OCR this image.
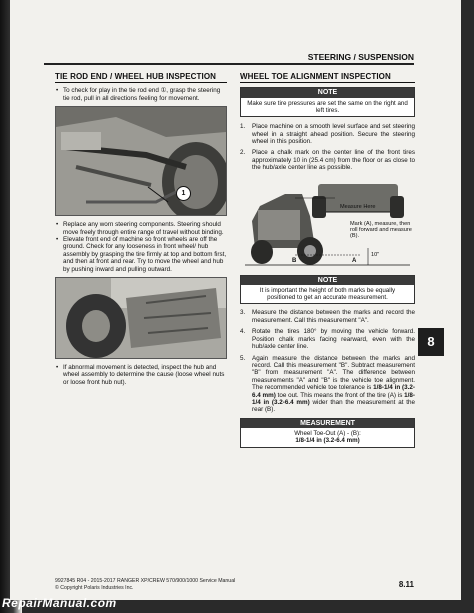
STEERING / SUSPENSION
TIE ROD END / WHEEL HUB INSPECTION

• To check for play in the tie rod end ①, grasp the steering tie rod, pull in all directions feeling for movement.

1

• Replace any worn steering components. Steering should move freely through entire range of travel without binding.

• Elevate front end of machine so front wheels are off the ground. Check for any looseness in front wheel/ hub assembly by grasping the tire firmly at top and bottom first, and then at front and rear. Try to move the wheel and hub by pushing inward and pulling outward.

• If abnormal movement is detected, inspect the hub and wheel assembly to determine the cause (loose wheel nuts or loose front hub nut).

WHEEL TOE ALIGNMENT INSPECTION
NOTE
Make sure tire pressures are set the same on the right and left tires.
1.	Place machine on a smooth level surface and set steering wheel in a straight ahead position. Secure the steering wheel in this position.
2.	Place a chalk mark on the center line of the front tires approximately 10 in (25.4 cm) from the floor or as close to the hub/axle center line as possible.
Measure Here
Mark (A), measure, then roll forward and measure (B).
B	A
10"
NOTE
It is important the height of both marks be equally positioned to get an accurate measurement.
3.	Measure the distance between the marks and record the measurement. Call this measurement "A".
4.	Rotate the tires 180° by moving the vehicle forward. Position chalk marks facing rearward, even with the hub/axle center line.
5.	Again measure the distance between the marks and record. Call this measurement "B". Subtract measurement "B" from measurement "A". The difference between measurements "A" and "B" is the vehicle toe alignment. The recommended vehicle toe tolerance is 1/8-1/4 in (3.2-6.4 mm) toe out. This means the front of the tire (A) is 1/8-1/4 in (3.2-6.4 mm) wider than the measurement at the rear (B).
MEASUREMENT
Wheel Toe-Out (A) - (B):
1/8-1/4 in (3.2-6.4 mm)
8
9927845 R04 - 2015-2017 RANGER XP/CREW 570/900/1000 Service Manual
© Copyright Polaris Industries Inc.	8.11
RepairManual.com
